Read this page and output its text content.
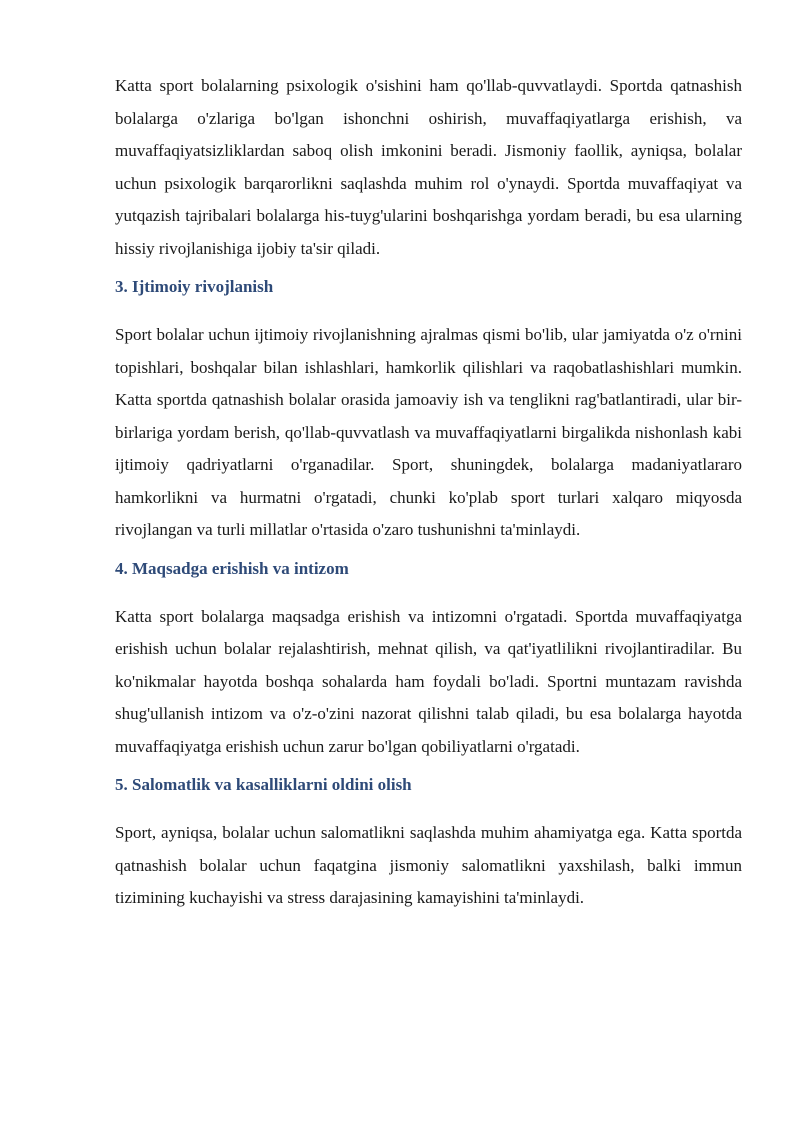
Katta sport bolalarning psixologik o'sishini ham qo'llab-quvvatlaydi. Sportda qatnashish bolalarga o'zlariga bo'lgan ishonchni oshirish, muvaffaqiyatlarga erishish, va muvaffaqiyatsizliklardan saboq olish imkonini beradi. Jismoniy faollik, ayniqsa, bolalar uchun psixologik barqarorlikni saqlashda muhim rol o'ynaydi. Sportda muvaffaqiyat va yutqazish tajribalari bolalarga his-tuyg'ularini boshqarishga yordam beradi, bu esa ularning hissiy rivojlanishiga ijobiy ta'sir qiladi.

3. Ijtimoiy rivojlanish

Sport bolalar uchun ijtimoiy rivojlanishning ajralmas qismi bo'lib, ular jamiyatda o'z o'rnini topishlari, boshqalar bilan ishlashlari, hamkorlik qilishlari va raqobatlashishlari mumkin. Katta sportda qatnashish bolalar orasida jamoaviy ish va tenglikni rag'batlantiradi, ular bir-birlariga yordam berish, qo'llab-quvvatlash va muvaffaqiyatlarni birgalikda nishonlash kabi ijtimoiy qadriyatlarni o'rganadilar. Sport, shuningdek, bolalarga madaniyatlararo hamkorlikni va hurmatni o'rgatadi, chunki ko'plab sport turlari xalqaro miqyosda rivojlangan va turli millatlar o'rtasida o'zaro tushunishni ta'minlaydi.

4. Maqsadga erishish va intizom

Katta sport bolalarga maqsadga erishish va intizomni o'rgatadi. Sportda muvaffaqiyatga erishish uchun bolalar rejalashtirish, mehnat qilish, va qat'iyatlilikni rivojlantiradilar. Bu ko'nikmalar hayotda boshqa sohalarda ham foydali bo'ladi. Sportni muntazam ravishda shug'ullanish intizom va o'z-o'zini nazorat qilishni talab qiladi, bu esa bolalarga hayotda muvaffaqiyatga erishish uchun zarur bo'lgan qobiliyatlarni o'rgatadi.

5. Salomatlik va kasalliklarni oldini olish

Sport, ayniqsa, bolalar uchun salomatlikni saqlashda muhim ahamiyatga ega. Katta sportda qatnashish bolalar uchun faqatgina jismoniy salomatlikni yaxshilash, balki immun tizimining kuchayishi va stress darajasining kamayishini ta'minlaydi.
